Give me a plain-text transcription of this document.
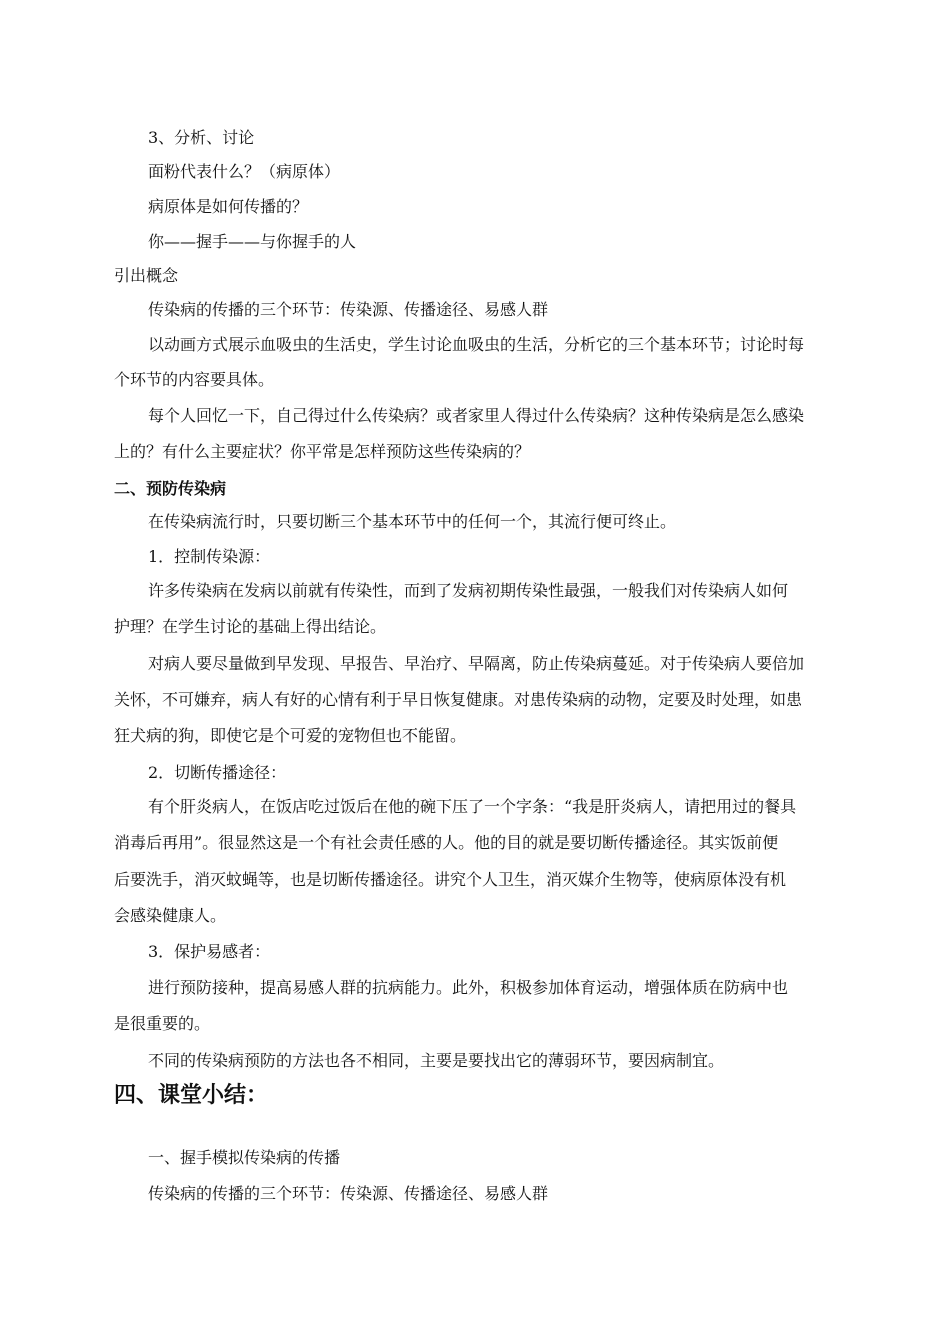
3、分析、讨论
面粉代表什么？（病原体）
病原体是如何传播的？
你——握手——与你握手的人
引出概念
传染病的传播的三个环节：传染源、传播途径、易感人群
以动画方式展示血吸虫的生活史，学生讨论血吸虫的生活，分析它的三个基本环节；讨论时每
个环节的内容要具体。
每个人回忆一下，自己得过什么传染病？或者家里人得过什么传染病？这种传染病是怎么感染
上的？有什么主要症状？你平常是怎样预防这些传染病的？
二、预防传染病
在传染病流行时，只要切断三个基本环节中的任何一个，其流行便可终止。
1．控制传染源：
许多传染病在发病以前就有传染性，而到了发病初期传染性最强，一般我们对传染病人如何
护理？在学生讨论的基础上得出结论。
对病人要尽量做到早发现、早报告、早治疗、早隔离，防止传染病蔓延。对于传染病人要倍加
关怀，不可嫌弃，病人有好的心情有利于早日恢复健康。对患传染病的动物，定要及时处理，如患
狂犬病的狗，即使它是个可爱的宠物但也不能留。
2．切断传播途径：
有个肝炎病人，在饭店吃过饭后在他的碗下压了一个字条：“我是肝炎病人，请把用过的餐具
消毒后再用”。很显然这是一个有社会责任感的人。他的目的就是要切断传播途径。其实饭前便
后要洗手，消灭蚊蝇等，也是切断传播途径。讲究个人卫生，消灭媒介生物等，使病原体没有机
会感染健康人。
3．保护易感者：
进行预防接种，提高易感人群的抗病能力。此外，积极参加体育运动，增强体质在防病中也
是很重要的。
不同的传染病预防的方法也各不相同，主要是要找出它的薄弱环节，要因病制宜。
四、课堂小结：
一、握手模拟传染病的传播
传染病的传播的三个环节：传染源、传播途径、易感人群
